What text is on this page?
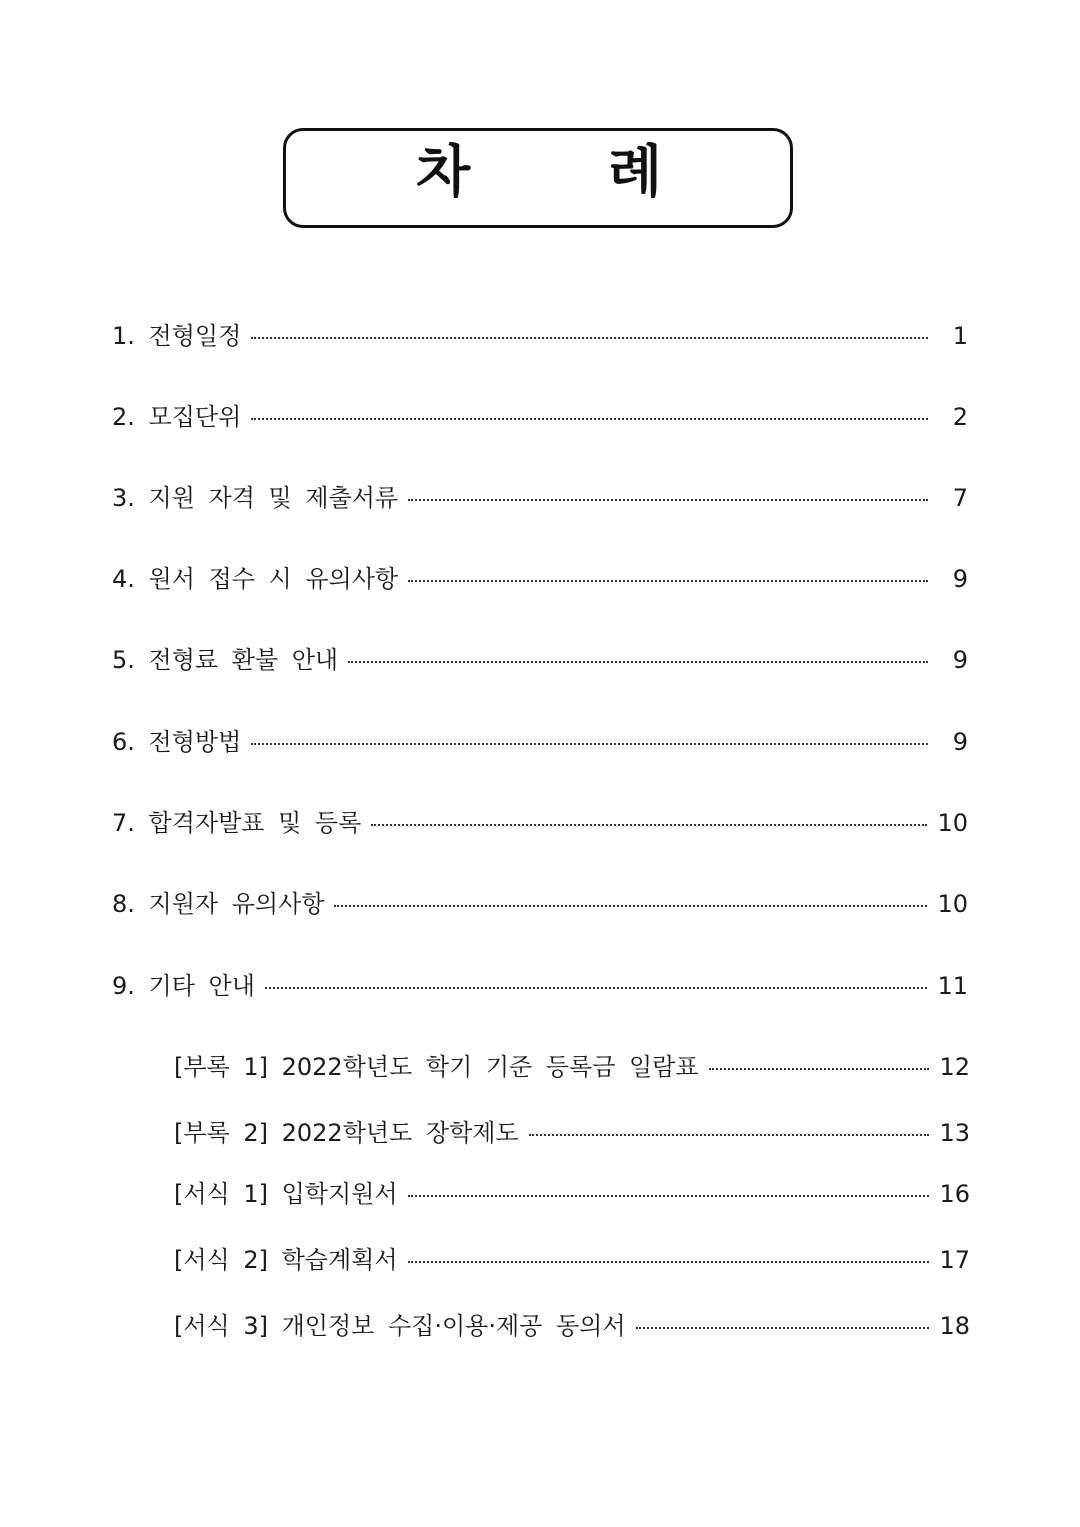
차 례
1. 전형일정	1
2. 모집단위	2
3. 지원 자격 및 제출서류	7
4. 원서 접수 시 유의사항	9
5. 전형료 환불 안내	9
6. 전형방법	9
7. 합격자발표 및 등록	10
8. 지원자 유의사항	10
9. 기타 안내	11
[부록 1] 2022학년도 학기 기준 등록금 일람표	12
[부록 2] 2022학년도 장학제도	13
[서식 1] 입학지원서	16
[서식 2] 학습계획서	17
[서식 3] 개인정보 수집·이용·제공 동의서	18
